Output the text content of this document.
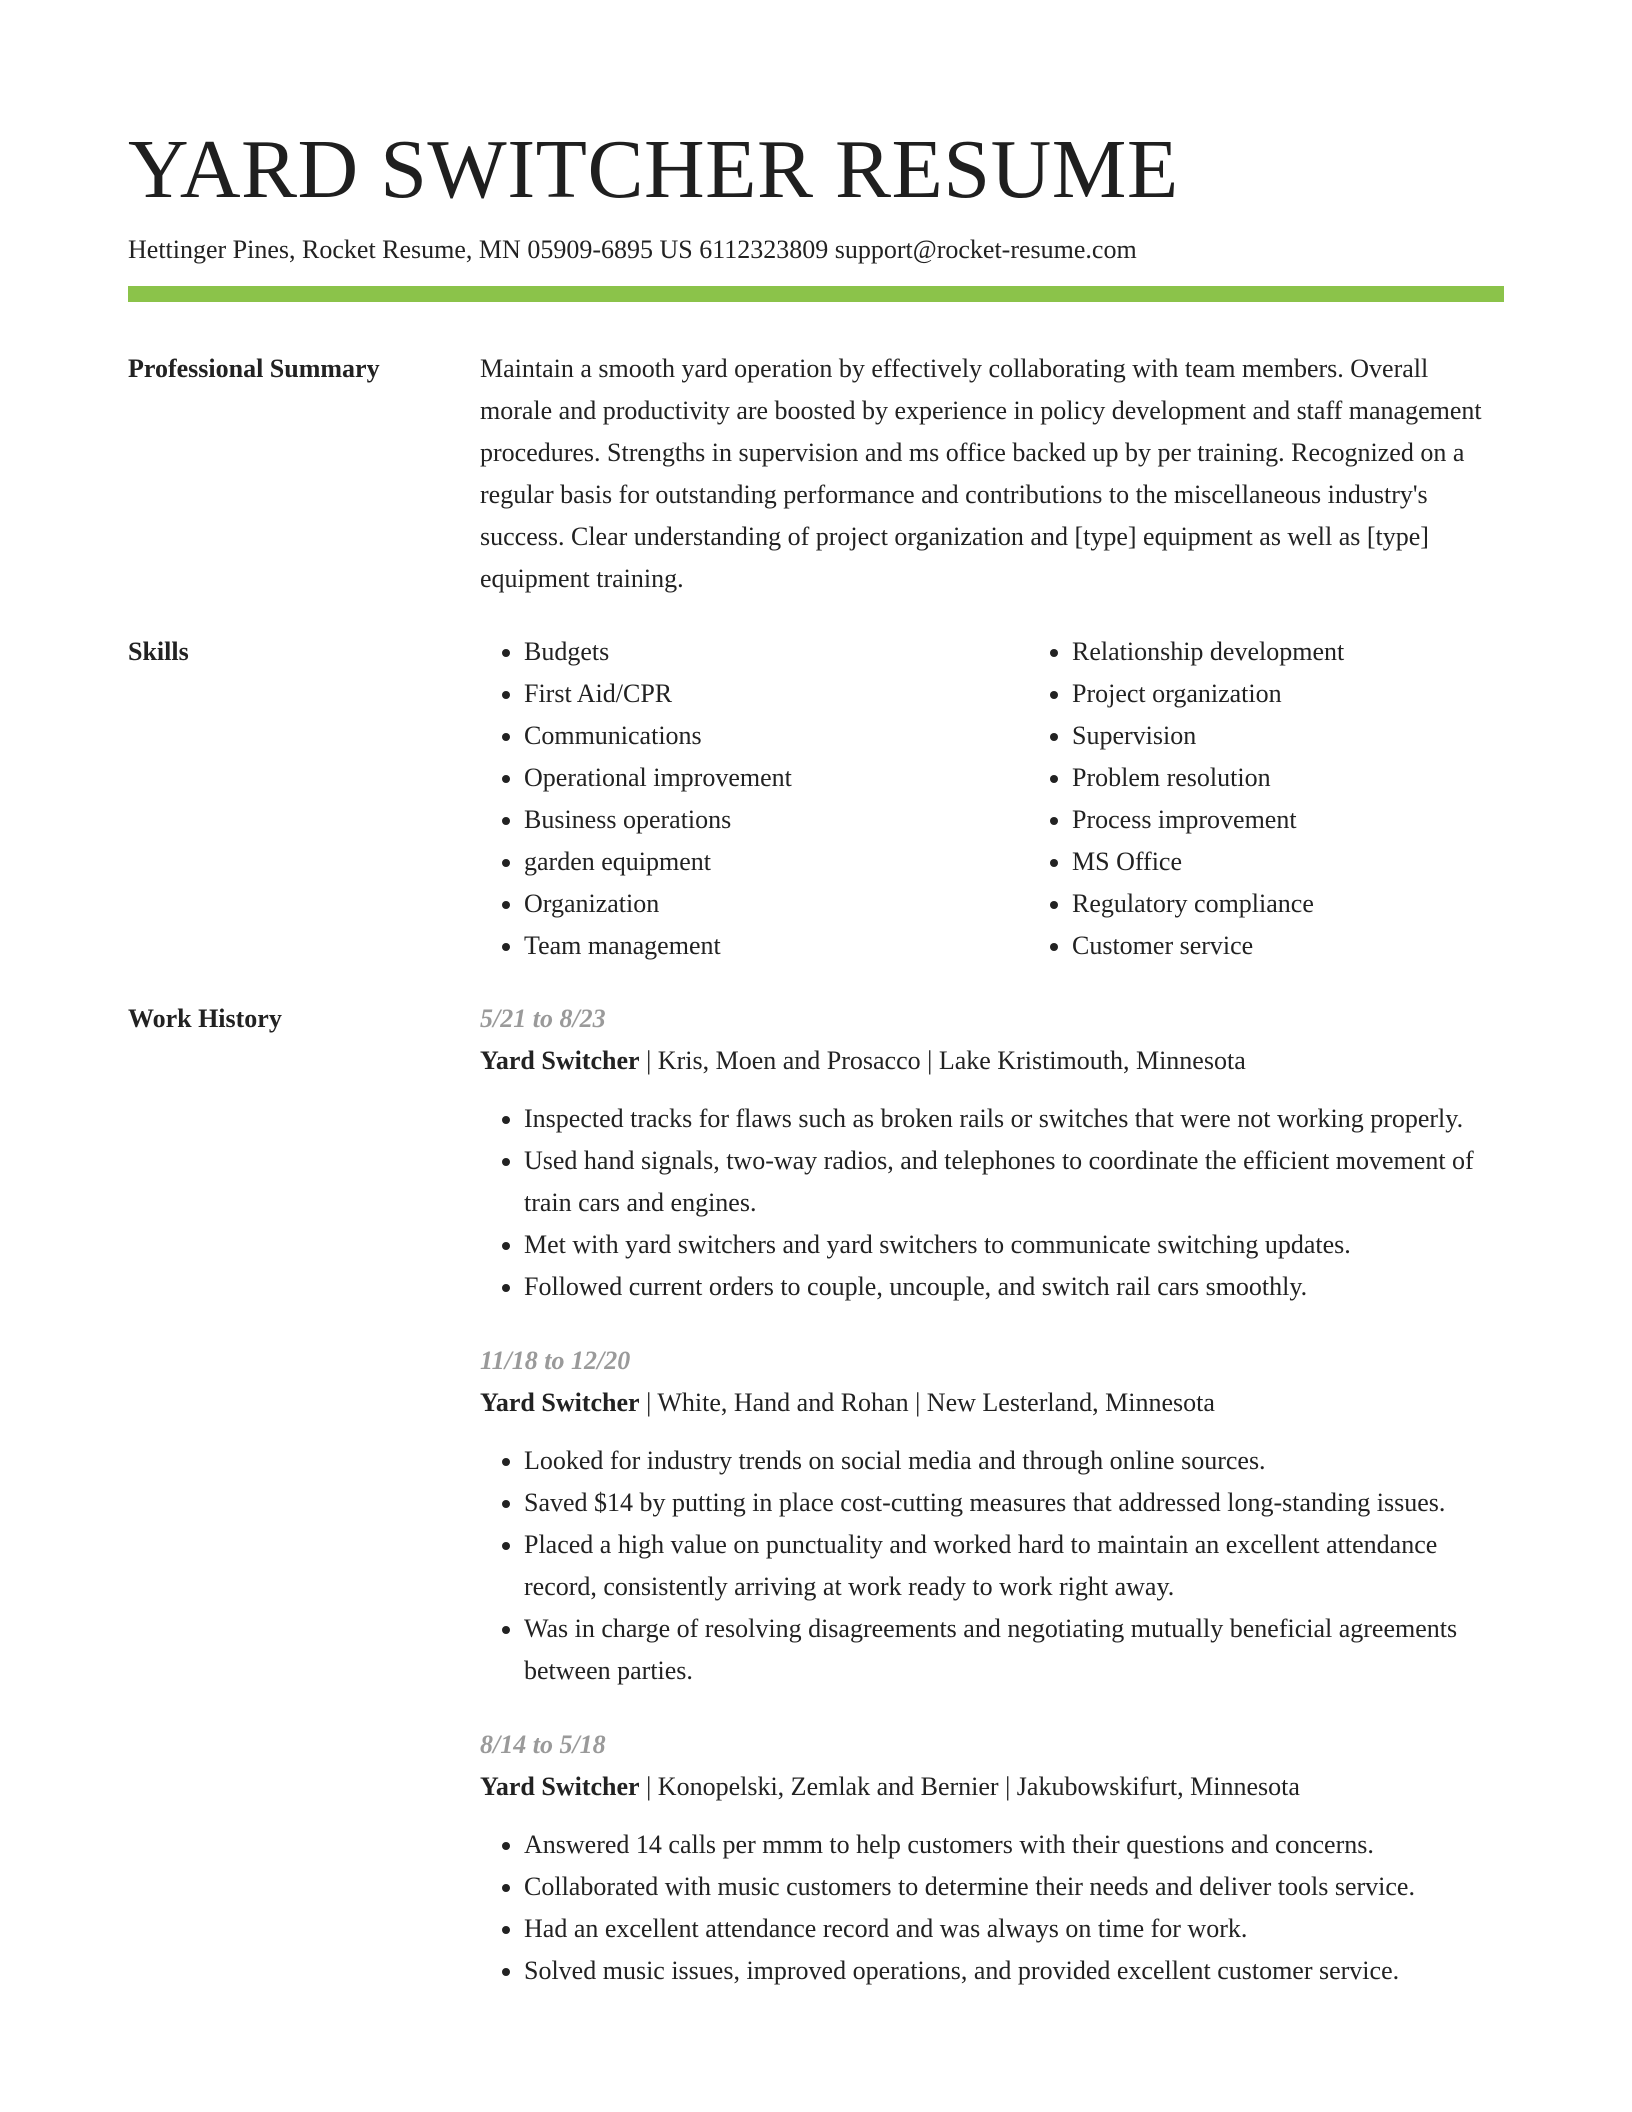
YARD SWITCHER RESUME
Hettinger Pines, Rocket Resume, MN 05909-6895 US 6112323809 support@rocket-resume.com
Professional Summary	Maintain a smooth yard operation by effectively collaborating with team members. Overall morale and productivity are boosted by experience in policy development and staff management procedures. Strengths in supervision and ms office backed up by per training. Recognized on a regular basis for outstanding performance and contributions to the miscellaneous industry's success. Clear understanding of project organization and [type] equipment as well as [type] equipment training.

Skills
•	Budgets
• First Aid/CPR
• Communications
• Operational improvement
• Business operations
• garden equipment
• Organization
• Team management
• Relationship development
• Project organization
• Supervision
• Problem resolution
• Process improvement
• MS Office
• Regulatory compliance
• Customer service
Work History	5/21 to 8/23
Yard Switcher | Kris, Moen and Prosacco | Lake Kristimouth, Minnesota
• Inspected tracks for flaws such as broken rails or switches that were not working properly.
• Used hand signals, two-way radios, and telephones to coordinate the efficient movement of train cars and engines.
• Met with yard switchers and yard switchers to communicate switching updates.
• Followed current orders to couple, uncouple, and switch rail cars smoothly.
11/18 to 12/20
Yard Switcher | White, Hand and Rohan | New Lesterland, Minnesota
• Looked for industry trends on social media and through online sources.
• Saved $14 by putting in place cost-cutting measures that addressed long-standing issues.
• Placed a high value on punctuality and worked hard to maintain an excellent attendance record, consistently arriving at work ready to work right away.
• Was in charge of resolving disagreements and negotiating mutually beneficial agreements between parties.
8/14 to 5/18
Yard Switcher | Konopelski, Zemlak and Bernier | Jakubowskifurt, Minnesota
• Answered 14 calls per mmm to help customers with their questions and concerns.
• Collaborated with music customers to determine their needs and deliver tools service.
• Had an excellent attendance record and was always on time for work.
• Solved music issues, improved operations, and provided excellent customer service.
